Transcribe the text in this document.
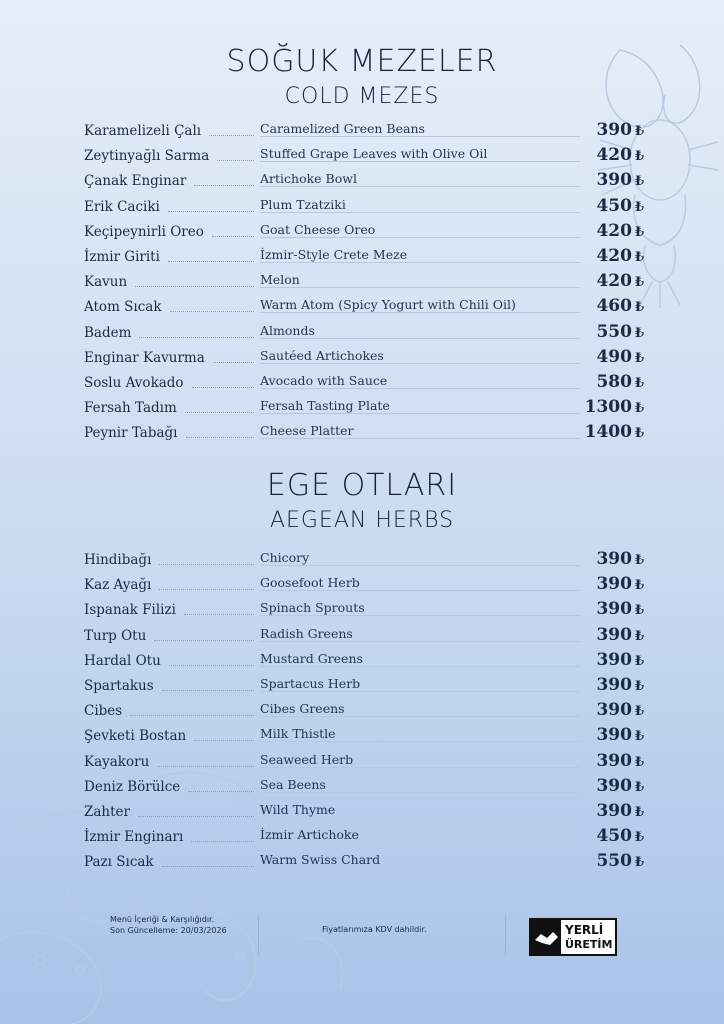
SOĞUK MEZELER
COLD MEZES
Karamelizeli Çalı	Caramelized Green Beans	390 ₺
Zeytinyağlı Sarma	Stuffed Grape Leaves with Olive Oil	420 ₺
Çanak Enginar	Artichoke Bowl	390 ₺
Erik Caciki	Plum Tzatziki	450 ₺
Keçipeynirli Oreo	Goat Cheese Oreo	420 ₺
İzmir Giriti	İzmir-Style Crete Meze	420 ₺
Kavun	Melon	420 ₺
Atom Sıcak	Warm Atom (Spicy Yogurt with Chili Oil)	460 ₺
Badem	Almonds	550 ₺
Enginar Kavurma	Sautéed Artichokes	490 ₺
Soslu Avokado	Avocado with Sauce	580 ₺
Fersah Tadım	Fersah Tasting Plate	1300 ₺
Peynir Tabağı	Cheese Platter	1400 ₺
EGE OTLARI
AEGEAN HERBS
Hindibağı	Chicory	390 ₺
Kaz Ayağı	Goosefoot Herb	390 ₺
Ispanak Filizi	Spinach Sprouts	390 ₺
Turp Otu	Radish Greens	390 ₺
Hardal Otu	Mustard Greens	390 ₺
Spartakus	Spartacus Herb	390 ₺
Cibes	Cibes Greens	390 ₺
Şevketi Bostan	Milk Thistle	390 ₺
Kayakoru	Seaweed Herb	390 ₺
Deniz Börülce	Sea Beens	390 ₺
Zahter	Wild Thyme	390 ₺
İzmir Enginarı	İzmir Artichoke	450 ₺
Pazı Sıcak	Warm Swiss Chard	550 ₺
Menü İçeriği & Karşılığıdır.
Son Güncelleme: 20/03/2026	Fiyatlarımıza KDV dahildir.	YERLİ
ÜRETİM
